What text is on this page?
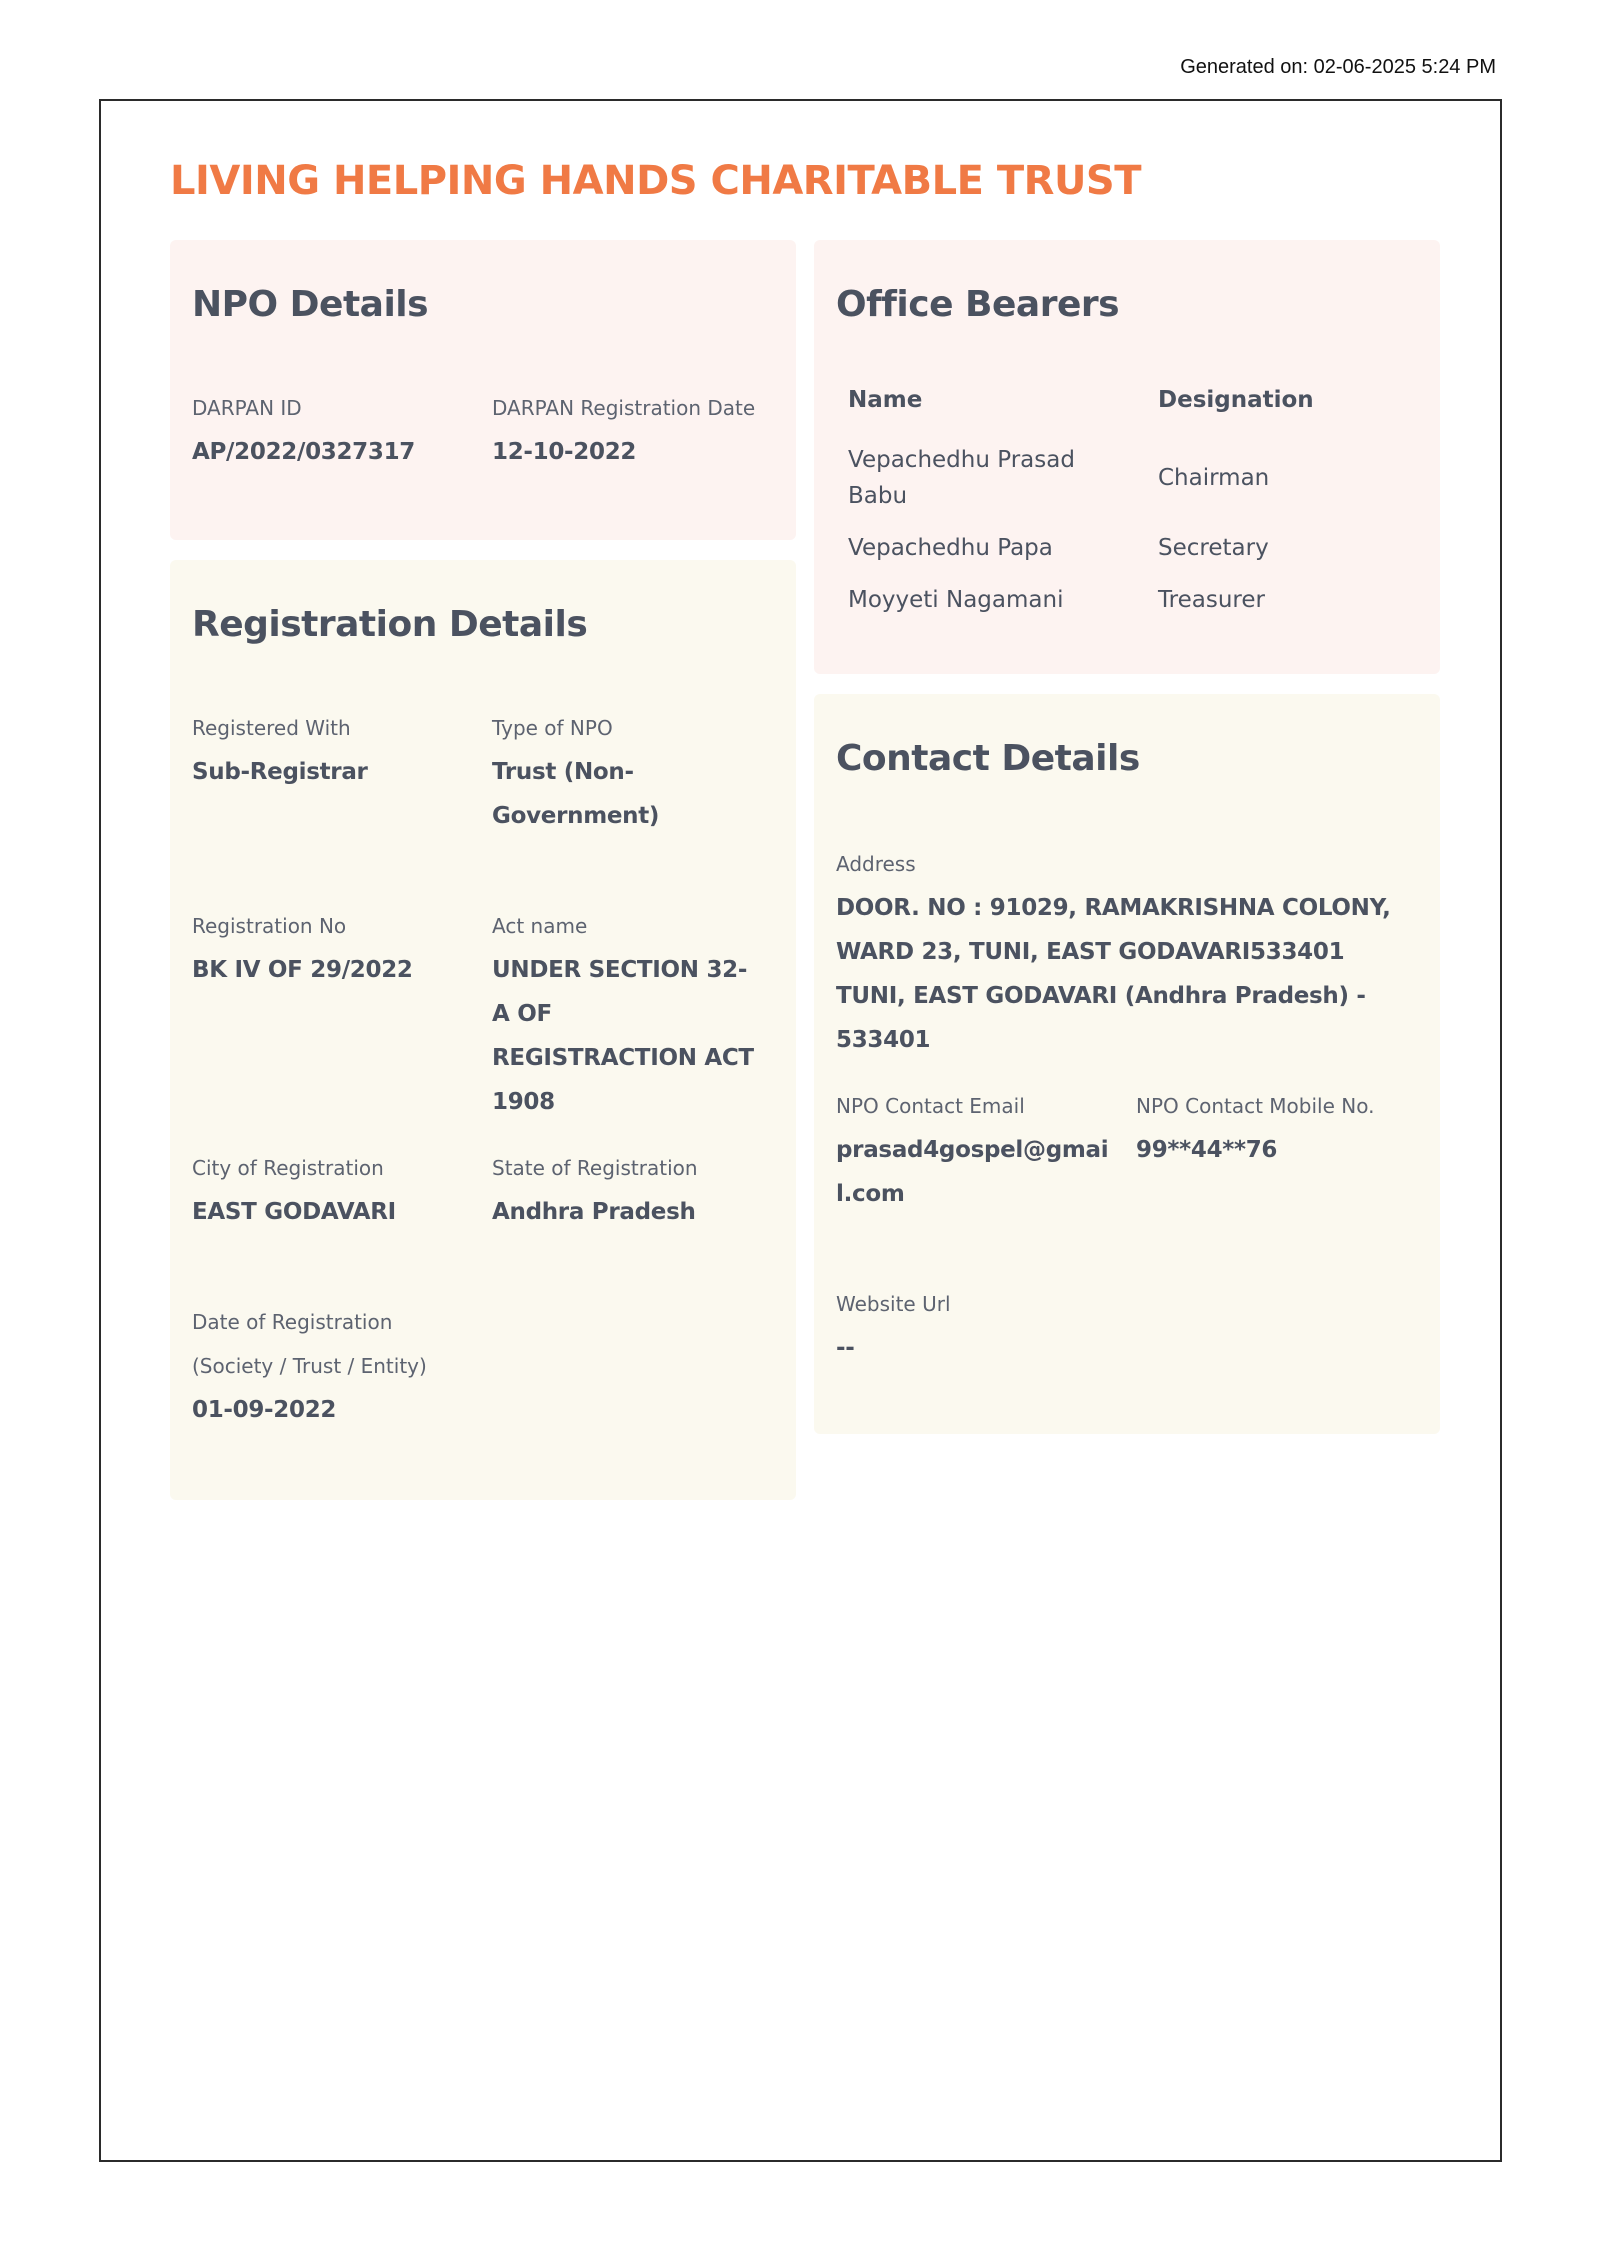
Generated on: 02-06-2025 5:24 PM
LIVING HELPING HANDS CHARITABLE TRUST
NPO Details
DARPAN ID
AP/2022/0327317
DARPAN Registration Date
12-10-2022
Registration Details
Registered With
Sub-Registrar
Type of NPO
Trust (Non-Government)
Registration No
BK IV OF 29/2022
Act name
UNDER SECTION 32-A OF REGISTRACTION ACT 1908
City of Registration
EAST GODAVARI
State of Registration
Andhra Pradesh
Date of Registration (Society / Trust / Entity)
01-09-2022
Office Bearers
Name	Designation
Vepachedhu Prasad Babu	Chairman
Vepachedhu Papa	Secretary
Moyyeti Nagamani	Treasurer
Contact Details
Address
DOOR. NO : 91029, RAMAKRISHNA COLONY, WARD 23, TUNI, EAST GODAVARI533401 TUNI, EAST GODAVARI (Andhra Pradesh) - 533401
NPO Contact Email
prasad4gospel@gmail.com
NPO Contact Mobile No.
99**44**76
Website Url
--
